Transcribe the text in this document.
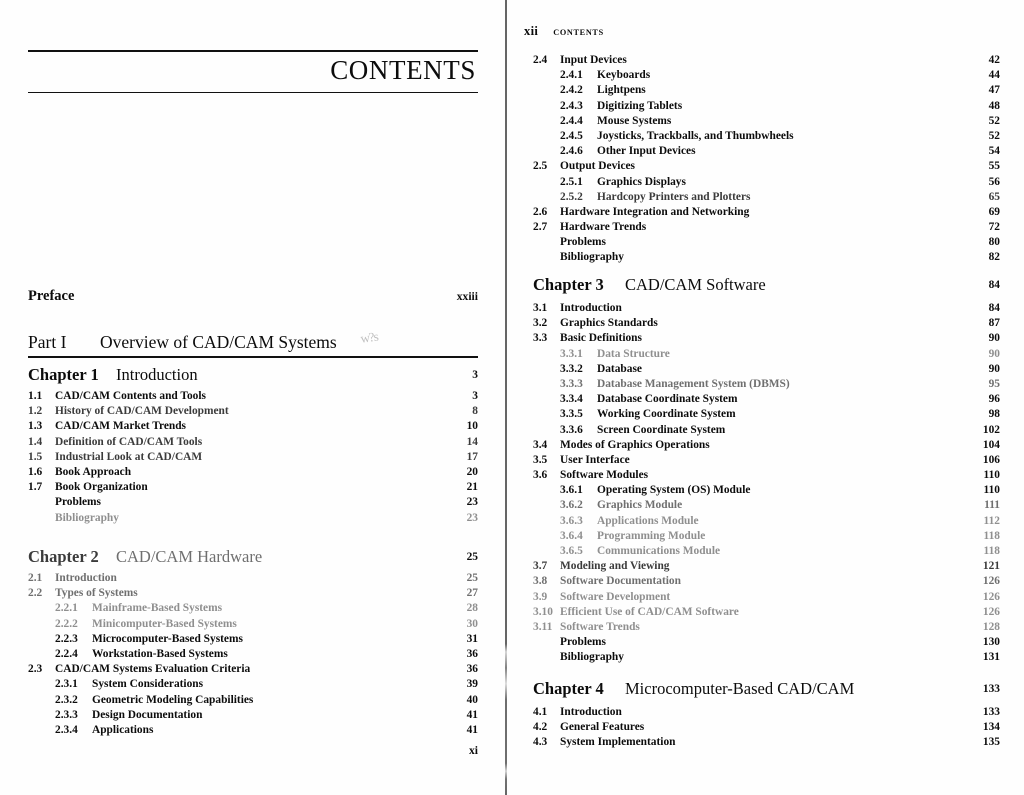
CONTENTS
Preface	xxiii
Part I Overview of CAD/CAM Systems w?s
Chapter 1 Introduction	3
1.1 CAD/CAM Contents and Tools	3
1.2 History of CAD/CAM Development	8
1.3 CAD/CAM Market Trends	10
1.4 Definition of CAD/CAM Tools	14
1.5 Industrial Look at CAD/CAM	17
1.6 Book Approach	20
1.7 Book Organization	21
Problems	23
Bibliography	23
Chapter 2 CAD/CAM Hardware	25
2.1 Introduction	25
2.2 Types of Systems	27
2.2.1 Mainframe-Based Systems	28
2.2.2 Minicomputer-Based Systems	30
2.2.3 Microcomputer-Based Systems	31
2.2.4 Workstation-Based Systems	36
2.3 CAD/CAM Systems Evaluation Criteria	36
2.3.1 System Considerations	39
2.3.2 Geometric Modeling Capabilities	40
2.3.3 Design Documentation	41
2.3.4 Applications	41
xi
xii CONTENTS
2.4 Input Devices	42
2.4.1 Keyboards	44
2.4.2 Lightpens	47
2.4.3 Digitizing Tablets	48
2.4.4 Mouse Systems	52
2.4.5 Joysticks, Trackballs, and Thumbwheels	52
2.4.6 Other Input Devices	54
2.5 Output Devices	55
2.5.1 Graphics Displays	56
2.5.2 Hardcopy Printers and Plotters	65
2.6 Hardware Integration and Networking	69
2.7 Hardware Trends	72
Problems	80
Bibliography	82
Chapter 3 CAD/CAM Software	84
3.1 Introduction	84
3.2 Graphics Standards	87
3.3 Basic Definitions	90
3.3.1 Data Structure	90
3.3.2 Database	90
3.3.3 Database Management System (DBMS)	95
3.3.4 Database Coordinate System	96
3.3.5 Working Coordinate System	98
3.3.6 Screen Coordinate System	102
3.4 Modes of Graphics Operations	104
3.5 User Interface	106
3.6 Software Modules	110
3.6.1 Operating System (OS) Module	110
3.6.2 Graphics Module	111
3.6.3 Applications Module	112
3.6.4 Programming Module	118
3.6.5 Communications Module	118
3.7 Modeling and Viewing	121
3.8 Software Documentation	126
3.9 Software Development	126
3.10 Efficient Use of CAD/CAM Software	126
3.11 Software Trends	128
Problems	130
Bibliography	131
Chapter 4 Microcomputer-Based CAD/CAM	133
4.1 Introduction	133
4.2 General Features	134
4.3 System Implementation	135
